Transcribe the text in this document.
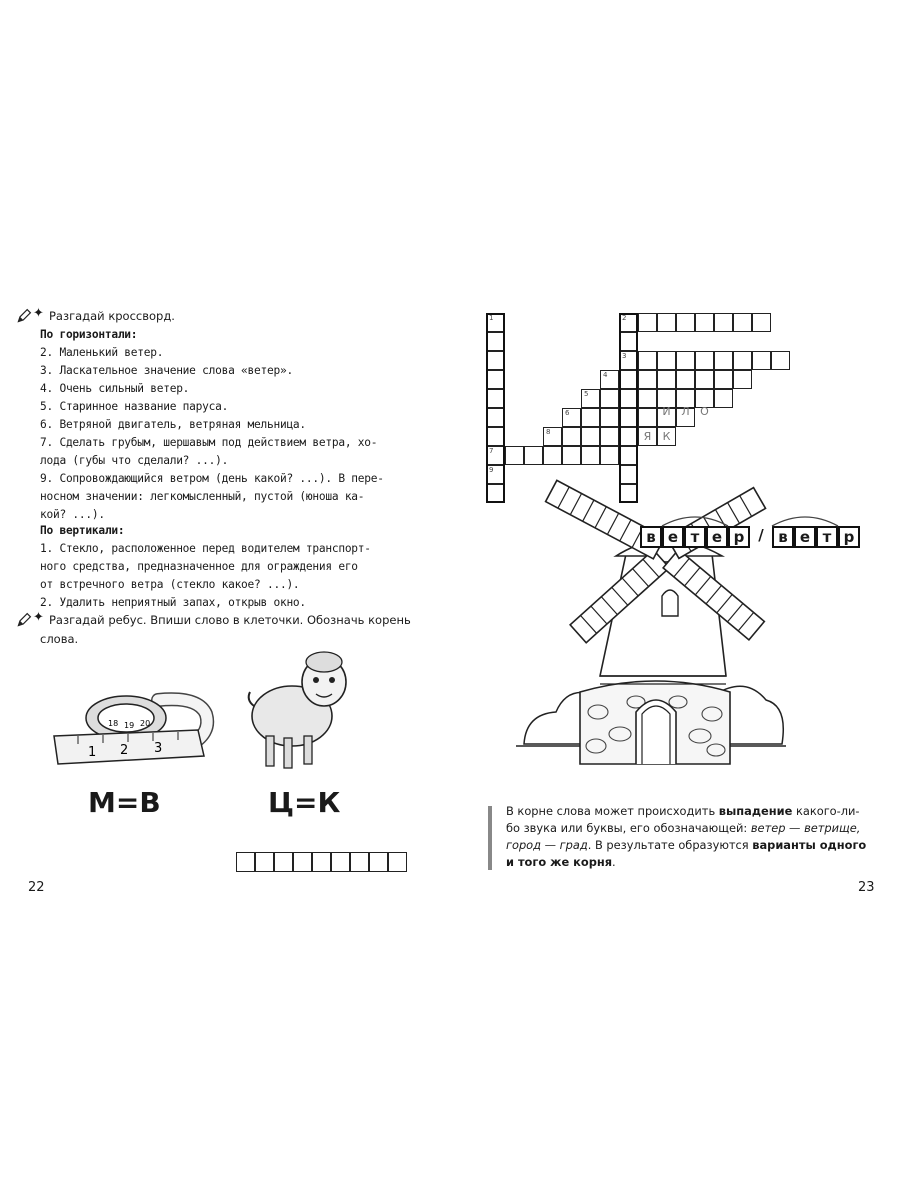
✦ Разгадай кроссворд.
По горизонтали:
2. Маленький ветер.
3. Ласкательное значение слова «ветер».
4. Очень сильный ветер.
5. Старинное название паруса.
6. Ветряной двигатель, ветряная мельница.
7. Сделать грубым, шершавым под действием ветра, хо-
лода (губы что сделали? ...).
9. Сопровождающийся ветром (день какой? ...). В пере-
носном значении: легкомысленный, пустой (юноша ка-
кой? ...).
По вертикали:
1. Стекло, расположенное перед водителем транспорт-
ного средства, предназначенное для ограждения его
от встречного ветра (стекло какое? ...).
2. Удалить неприятный запах, открыв окно.
✦ Разгадай ребус. Впиши слово в клеточки. Обозначь корень
слова.
1 2 3
18 19 20
М=В	Ц=К
22
1
7
2
3
4
5
6
8
9
И Л О
Я	К
в е т е р / в е т р
В корне слова может происходить выпадение какого-ли-
бо звука или буквы, его обозначающей: ветер — ветрище,
город — град. В результате образуются варианты одного
и того же корня.
23
